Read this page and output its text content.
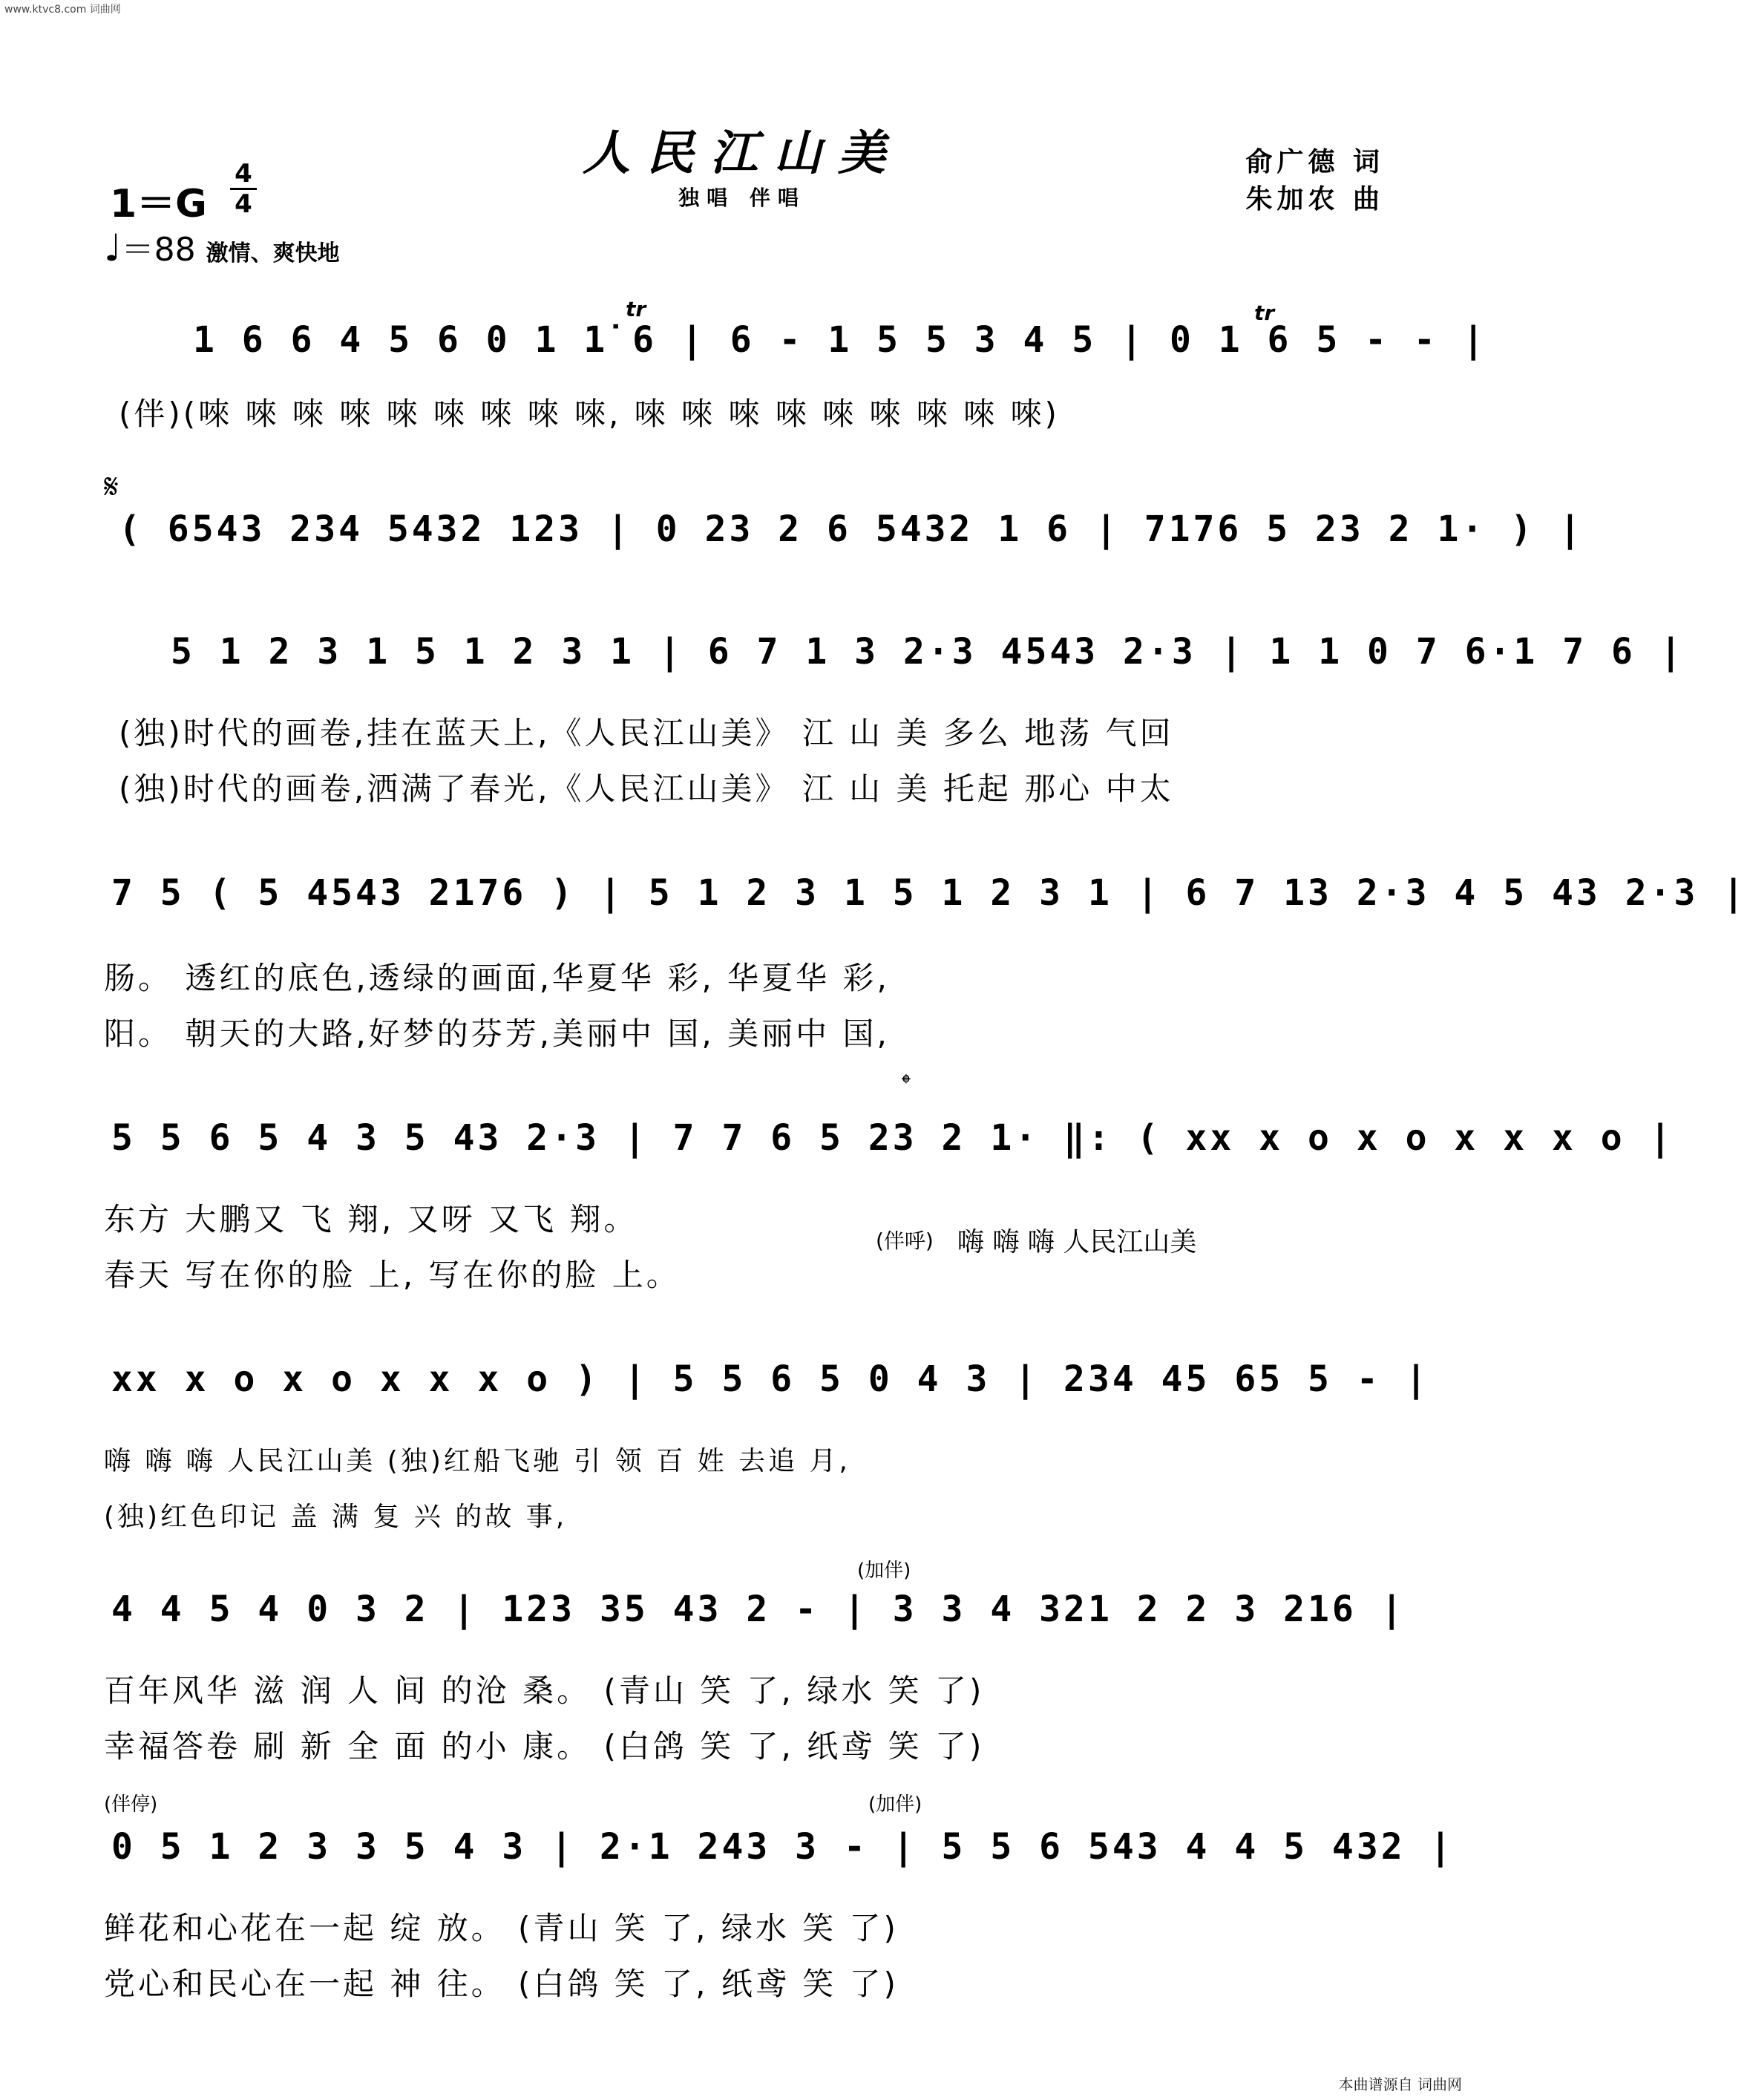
www.ktvc8.com 词曲网
人民江山美
独唱 伴唱
俞广德 词
朱加农 曲
1＝G
4
4
♩＝88 激情、爽快地
tr	tr
𝄋
𝄌
1 6 6 4 5 6 0 1 1̇ 6 | 6 - 1 5 5 3 4 5 | 0 1 6 5 - - |
(伴)(唻 唻 唻 唻 唻 唻 唻 唻 唻, 唻 唻 唻 唻 唻 唻 唻 唻 唻)
( 6543 234 5432 123 | 0 23 2 6 5432 1 6 | 7176 5 23 2 1· ) |
5 1 2 3 1 5 1 2 3 1 | 6 7 1 3 2·3 4543 2·3 | 1 1 0 7 6·1 7 6 |
(独)时代的画卷,挂在蓝天上,《人民江山美》 江 山 美 多么 地荡 气回
(独)时代的画卷,洒满了春光,《人民江山美》 江 山 美 托起 那心 中太
7 5 ( 5 4543 2176 ) | 5 1 2 3 1 5 1 2 3 1 | 6 7 13 2·3 4 5 43 2·3 |
肠。 透红的底色,透绿的画面,华夏华 彩, 华夏华 彩,
阳。 朝天的大路,好梦的芬芳,美丽中 国, 美丽中 国,
5 5 6 5 4 3 5 43 2·3 | 7 7 6 5 23 2 1· ‖: ( xx x o x o x x x o |
东方 大鹏又 飞 翔, 又呀 又飞 翔。
春天 写在你的脸 上, 写在你的脸 上。
(伴呼) 嗨 嗨 嗨 人民江山美
xx x o x o x x x o ) | 5 5 6 5 0 4 3 | 234 45 65 5 - |
嗨 嗨 嗨 人民江山美 (独)红船飞驰 引 领 百 姓 去追 月,
(独)红色印记 盖 满 复 兴 的故 事,
(加伴)
4 4 5 4 0 3 2 | 123 35 43 2 - | 3 3 4 321 2 2 3 216 |
百年风华 滋 润 人 间 的沧 桑。 (青山 笑 了, 绿水 笑 了)
幸福答卷 刷 新 全 面 的小 康。 (白鸽 笑 了, 纸鸢 笑 了)
(伴停)	(加伴)
0 5 1 2 3 3 5 4 3 | 2·1 243 3 - | 5 5 6 543 4 4 5 432 |
鲜花和心花在一起 绽 放。 (青山 笑 了, 绿水 笑 了)
党心和民心在一起 神 往。 (白鸽 笑 了, 纸鸢 笑 了)
本曲谱源自 词曲网
